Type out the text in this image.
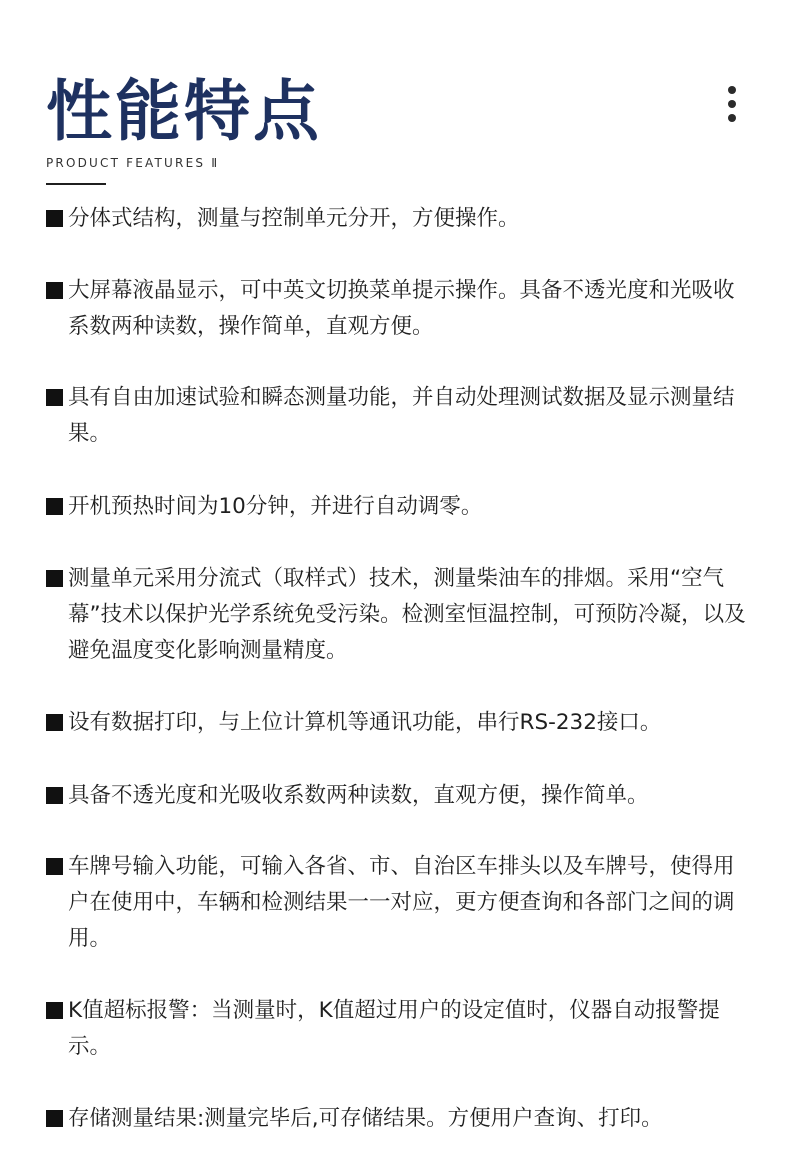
性能特点
PRODUCT FEATURES Ⅱ
分体式结构，测量与控制单元分开，方便操作。
大屏幕液晶显示，可中英文切换菜单提示操作。具备不透光度和光吸收系数两种读数，操作简单，直观方便。
具有自由加速试验和瞬态测量功能，并自动处理测试数据及显示测量结果。
开机预热时间为10分钟，并进行自动调零。
测量单元采用分流式（取样式）技术，测量柴油车的排烟。采用“空气幕”技术以保护光学系统免受污染。检测室恒温控制，可预防冷凝，以及避免温度变化影响测量精度。
设有数据打印，与上位计算机等通讯功能，串行RS-232接口。
具备不透光度和光吸收系数两种读数，直观方便，操作简单。
车牌号输入功能，可输入各省、市、自治区车排头以及车牌号，使得用户在使用中，车辆和检测结果一一对应，更方便查询和各部门之间的调用。
K值超标报警：当测量时，K值超过用户的设定值时，仪器自动报警提示。
存储测量结果:测量完毕后,可存储结果。方便用户查询、打印。
